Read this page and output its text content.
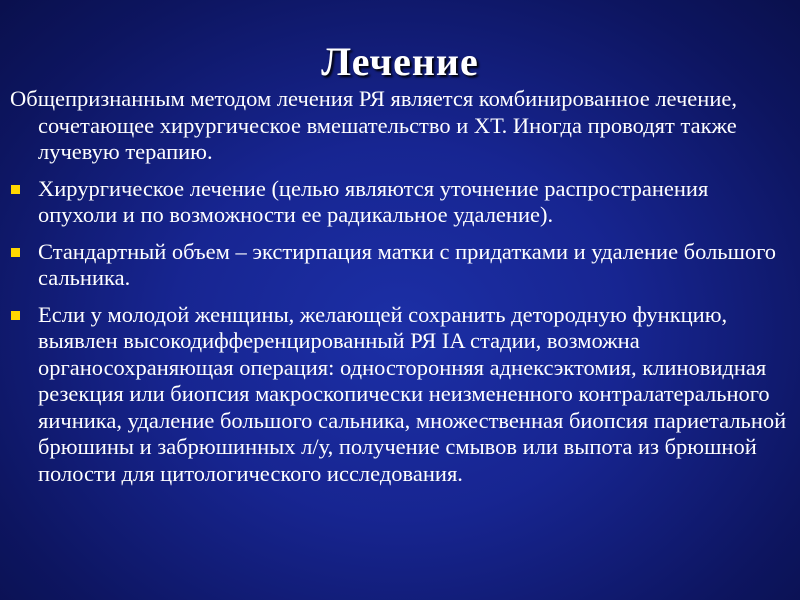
Лечение

Общепризнанным методом лечения РЯ является комбинированное лечение, сочетающее хирургическое вмешательство и ХТ. Иногда проводят также лучевую терапию.

Хирургическое лечение (целью являются уточнение распространения опухоли и по возможности ее радикальное удаление).
Стандартный объем – экстирпация матки с придатками и удаление большого сальника.
Если у молодой женщины, желающей сохранить детородную функцию, выявлен высокодифференцированный РЯ IA стадии, возможна органосохраняющая операция: односторонняя аднексэктомия, клиновидная резекция или биопсия макроскопически неизмененного контралатерального яичника, удаление большого сальника, множественная биопсия париетальной брюшины и забрюшинных л/у, получение смывов или выпота из брюшной полости для цитологического исследования.
